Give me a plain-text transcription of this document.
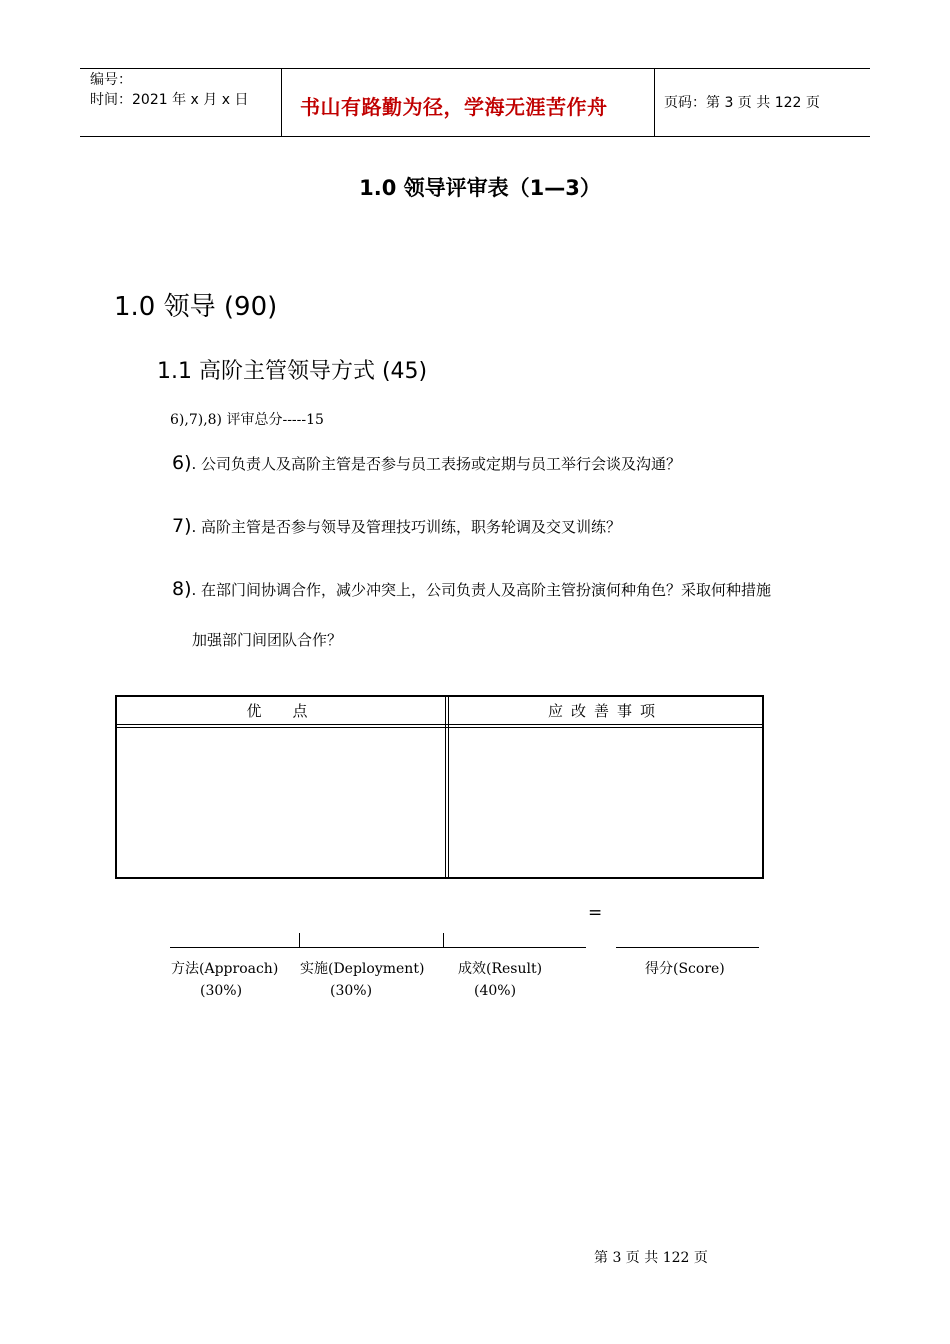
编号：
时间：2021 年 x 月 x 日	书山有路勤为径，学海无涯苦作舟	页码：第 3 页 共 122 页
1.0 领导评审表（1—3）
1.0 领导 (90)
1.1 高阶主管领导方式 (45)
6),7),8) 评审总分-----15
6). 公司负责人及高阶主管是否参与员工表扬或定期与员工举行会谈及沟通？
7). 高阶主管是否参与领导及管理技巧训练，职务轮调及交叉训练？
8). 在部门间协调合作，减少冲突上，公司负责人及高阶主管扮演何种角色？采取何种措施
加强部门间团队合作？
优　点	应改善事项
=
方法(Approach)
(30%)
实施(Deployment)
(30%)
成效(Result)
(40%)
得分(Score)
第 3 页 共 122 页
